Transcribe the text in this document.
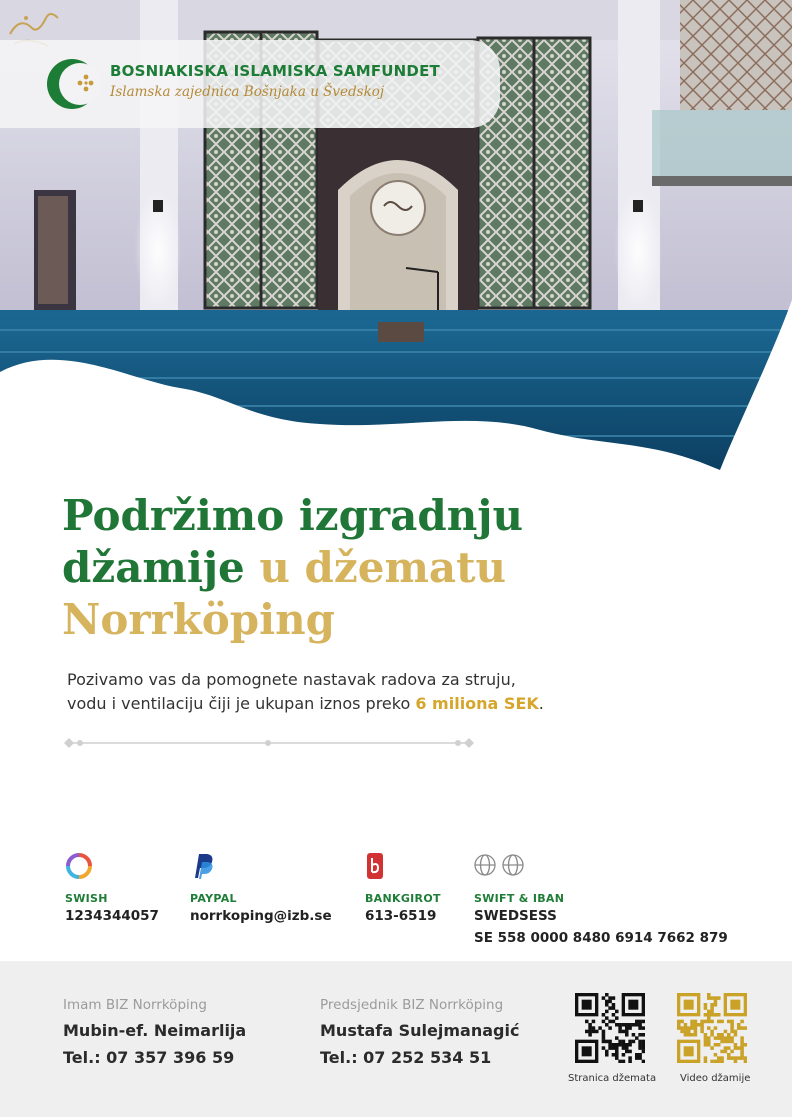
BOSNIAKISKA ISLAMISKA SAMFUNDET
Islamska zajednica Bošnjaka u Švedskoj
Podržimo izgradnju
džamije u džematu
Norrköping

Pozivamo vas da pomognete nastavak radova za struju,
vodu i ventilaciju čiji je ukupan iznos preko 6 miliona SEK.

SWISH
1234344057
PAYPAL
norrkoping@izb.se
BANKGIROT
613-6519
SWIFT & IBAN
SWEDSESS
SE 558 0000 8480 6914 7662 879
Imam BIZ Norrköping
Mubin-ef. Neimarlija
Tel.: 07 357 396 59
Predsjednik BIZ Norrköping
Mustafa Sulejmanagić
Tel.: 07 252 534 51
Stranica džemata Video džamije
